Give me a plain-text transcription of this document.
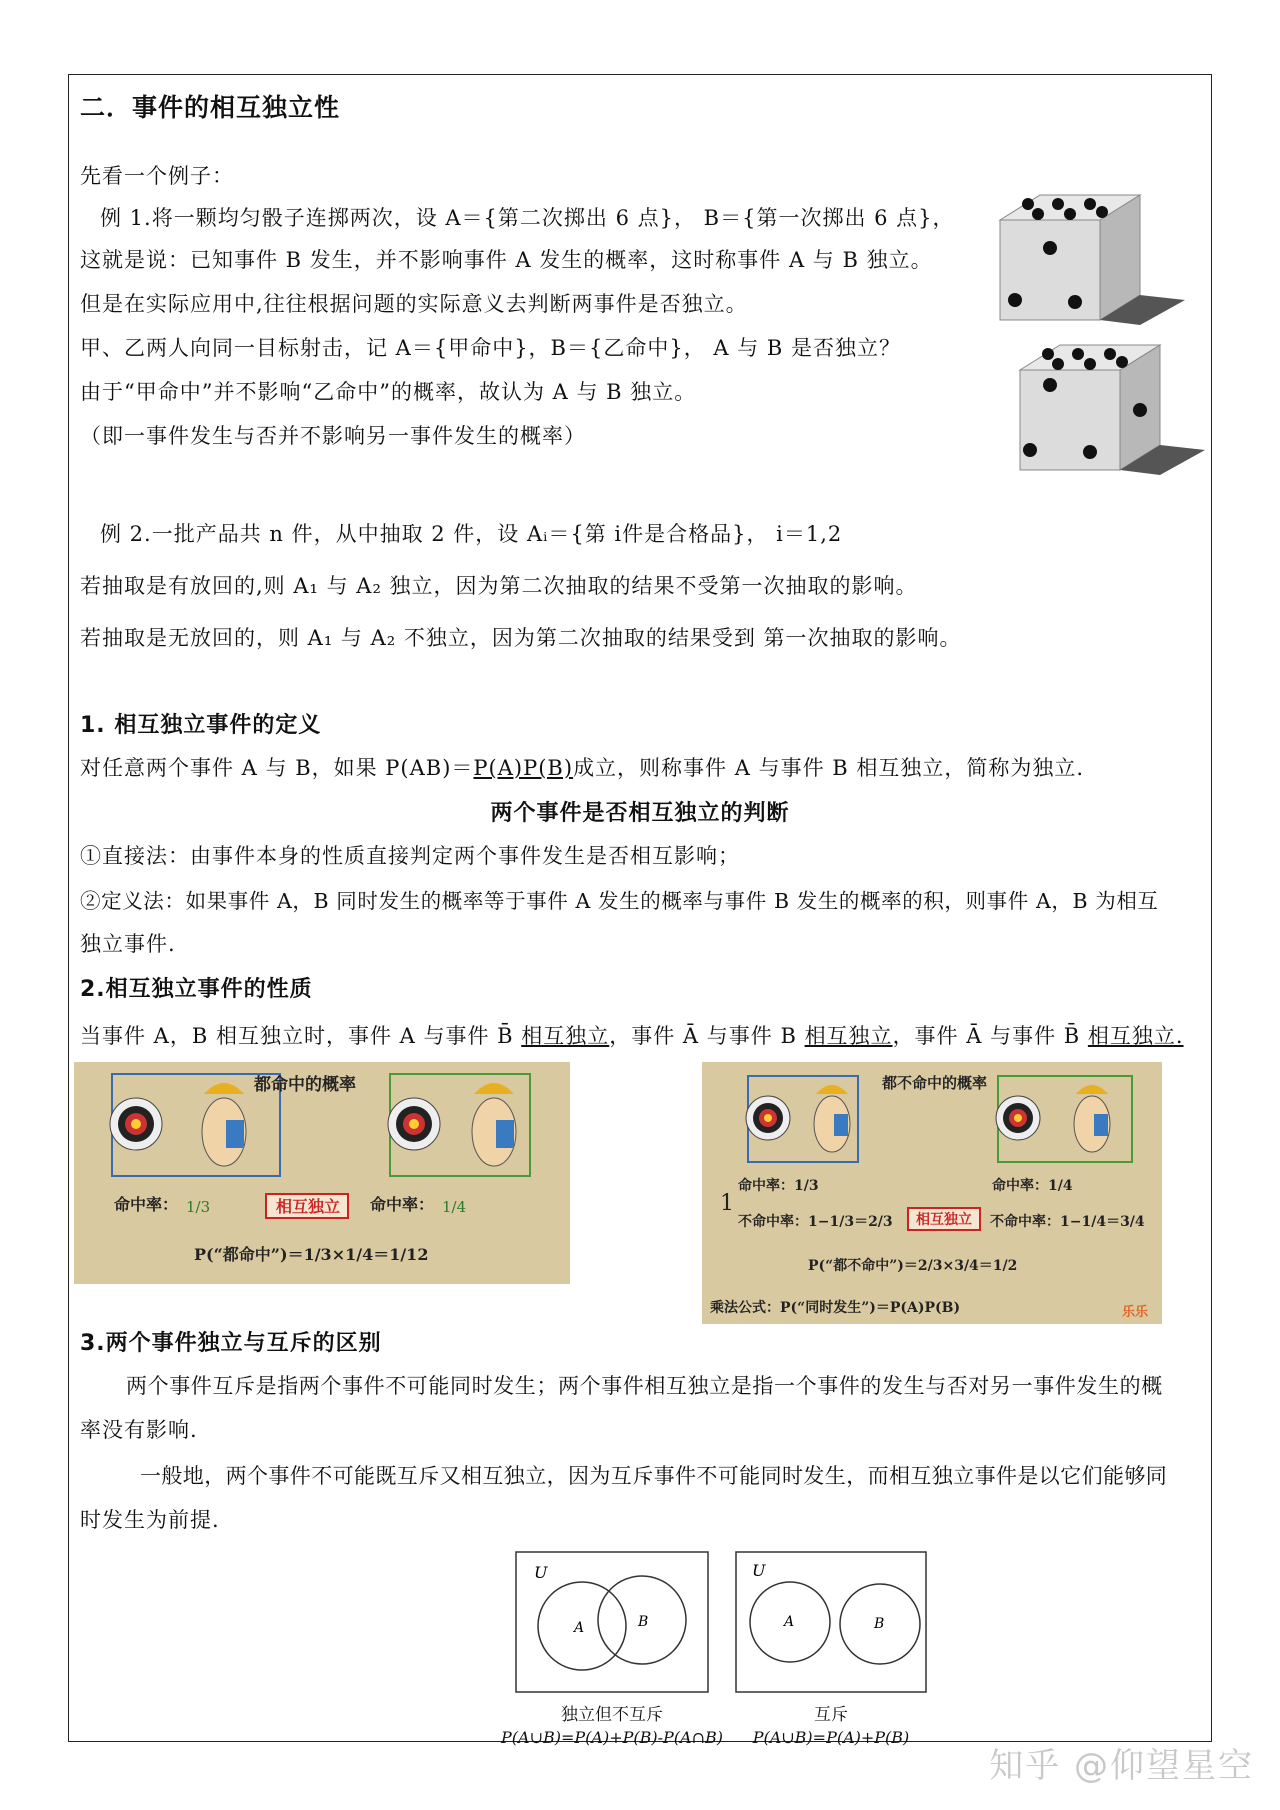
二．事件的相互独立性
先看一个例子：
例 1.将一颗均匀骰子连掷两次，设 A＝{第二次掷出 6 点}， B＝{第一次掷出 6 点}，
这就是说：已知事件 B 发生，并不影响事件 A 发生的概率，这时称事件 A 与 B 独立。
但是在实际应用中,往往根据问题的实际意义去判断两事件是否独立。
甲、乙两人向同一目标射击，记 A＝{甲命中}，B＝{乙命中}， A 与 B 是否独立？
由于“甲命中”并不影响“乙命中”的概率，故认为 A 与 B 独立。
（即一事件发生与否并不影响另一事件发生的概率）
例 2.一批产品共 n 件，从中抽取 2 件，设 Aᵢ＝{第 i件是合格品}， i＝1,2
若抽取是有放回的,则 A₁ 与 A₂ 独立，因为第二次抽取的结果不受第一次抽取的影响。
若抽取是无放回的，则 A₁ 与 A₂ 不独立，因为第二次抽取的结果受到 第一次抽取的影响。
1. 相互独立事件的定义
对任意两个事件 A 与 B，如果 P(AB)＝P(A)P(B)成立，则称事件 A 与事件 B 相互独立，简称为独立.
两个事件是否相互独立的判断
①直接法：由事件本身的性质直接判定两个事件发生是否相互影响；
②定义法：如果事件 A，B 同时发生的概率等于事件 A 发生的概率与事件 B 发生的概率的积，则事件 A，B 为相互
独立事件.
2.相互独立事件的性质
当事件 A，B 相互独立时，事件 A 与事件 B̄ 相互独立，事件 Ā 与事件 B 相互独立，事件 Ā 与事件 B̄ 相互独立.
都命中的概率
命中率： 1/3	相互独立 命中率： 1/4
P(“都命中”)＝1/3×1/4＝1/12
都不命中的概率
1
命中率：1/3
不命中率：1−1/3＝2/3 相互独立
命中率：1/4
不命中率：1−1/4＝3/4
P(“都不命中”)＝2/3×3/4＝1/2
乘法公式：P(“同时发生”)＝P(A)P(B)	乐乐
3.两个事件独立与互斥的区别
两个事件互斥是指两个事件不可能同时发生；两个事件相互独立是指一个事件的发生与否对另一事件发生的概
率没有影响.
一般地，两个事件不可能既互斥又相互独立，因为互斥事件不可能同时发生，而相互独立事件是以它们能够同
时发生为前提.
U
A	B
U
A	B
独立但不互斥
P(A∪B)=P(A)+P(B)-P(A∩B)
互斥
P(A∪B)=P(A)+P(B)
知乎 @仰望星空
